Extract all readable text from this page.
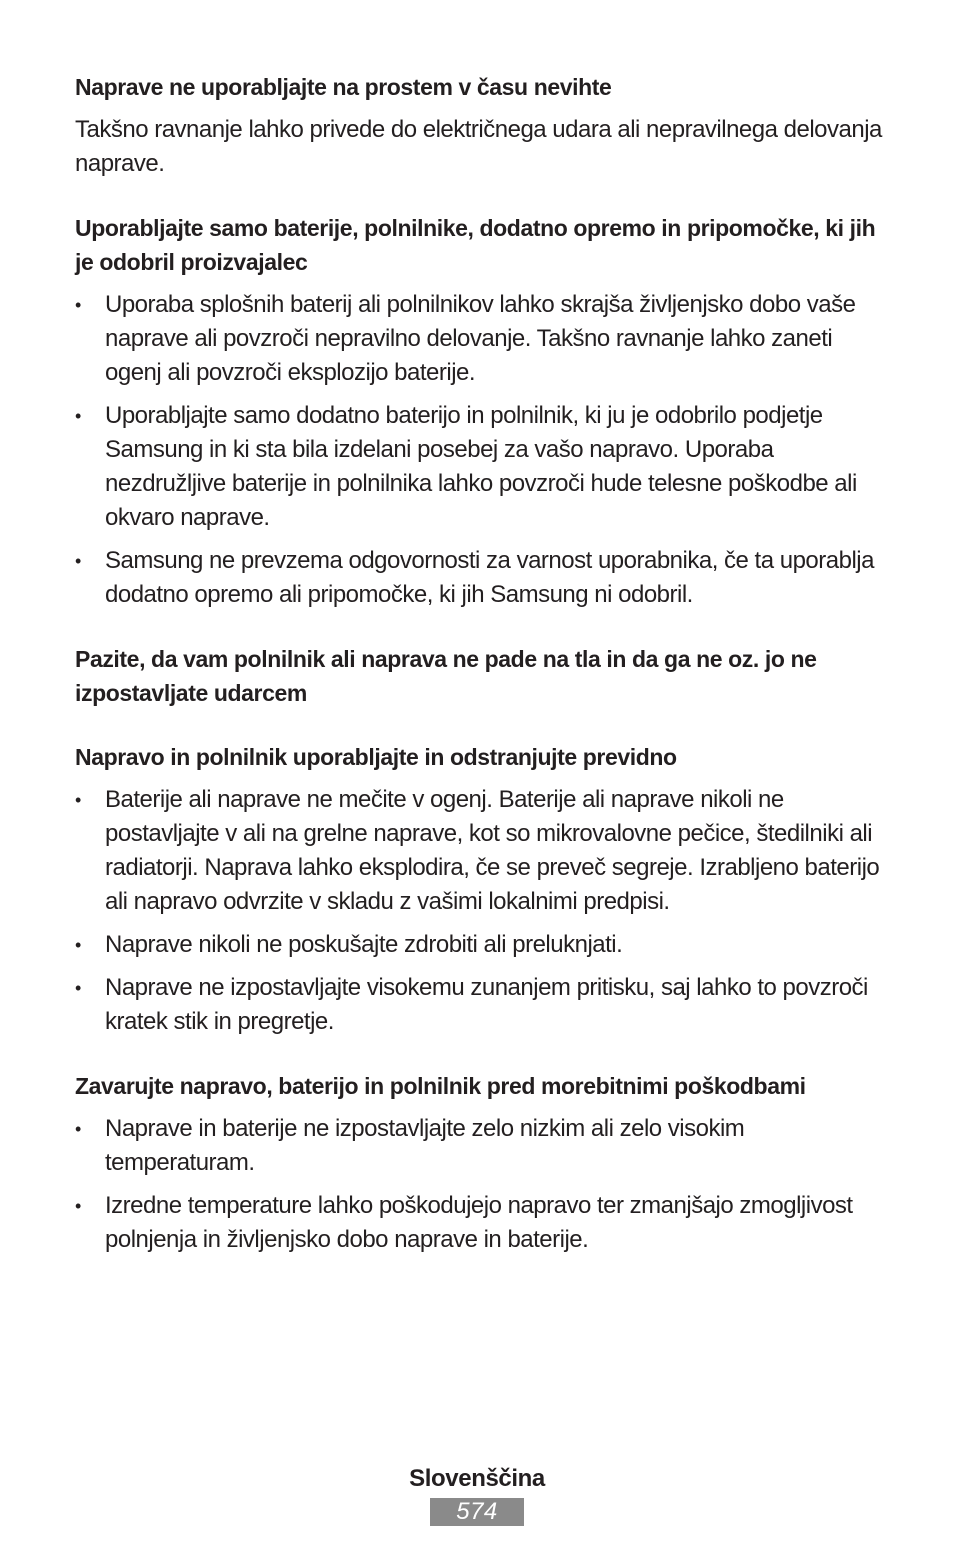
Naprave ne uporabljajte na prostem v času nevihte

Takšno ravnanje lahko privede do električnega udara ali nepravilnega delovanja naprave.

Uporabljajte samo baterije, polnilnike, dodatno opremo in pripomočke, ki jih je odobril proizvajalec
• Uporaba splošnih baterij ali polnilnikov lahko skrajša življenjsko dobo vaše naprave ali povzroči nepravilno delovanje. Takšno ravnanje lahko zaneti ogenj ali povzroči eksplozijo baterije.
• Uporabljajte samo dodatno baterijo in polnilnik, ki ju je odobrilo podjetje Samsung in ki sta bila izdelani posebej za vašo napravo. Uporaba nezdružljive baterije in polnilnika lahko povzroči hude telesne poškodbe ali okvaro naprave.
• Samsung ne prevzema odgovornosti za varnost uporabnika, če ta uporablja dodatno opremo ali pripomočke, ki jih Samsung ni odobril.
Pazite, da vam polnilnik ali naprava ne pade na tla in da ga ne oz. jo ne izpostavljate udarcem
Napravo in polnilnik uporabljajte in odstranjujte previdno
• Baterije ali naprave ne mečite v ogenj. Baterije ali naprave nikoli ne postavljajte v ali na grelne naprave, kot so mikrovalovne pečice, štedilniki ali radiatorji. Naprava lahko eksplodira, če se preveč segreje. Izrabljeno baterijo ali napravo odvrzite v skladu z vašimi lokalnimi predpisi.
• Naprave nikoli ne poskušajte zdrobiti ali preluknjati.
• Naprave ne izpostavljajte visokemu zunanjem pritisku, saj lahko to povzroči kratek stik in pregretje.
Zavarujte napravo, baterijo in polnilnik pred morebitnimi poškodbami
• Naprave in baterije ne izpostavljajte zelo nizkim ali zelo visokim temperaturam.
• Izredne temperature lahko poškodujejo napravo ter zmanjšajo zmogljivost polnjenja in življenjsko dobo naprave in baterije.
Slovenščina
574
